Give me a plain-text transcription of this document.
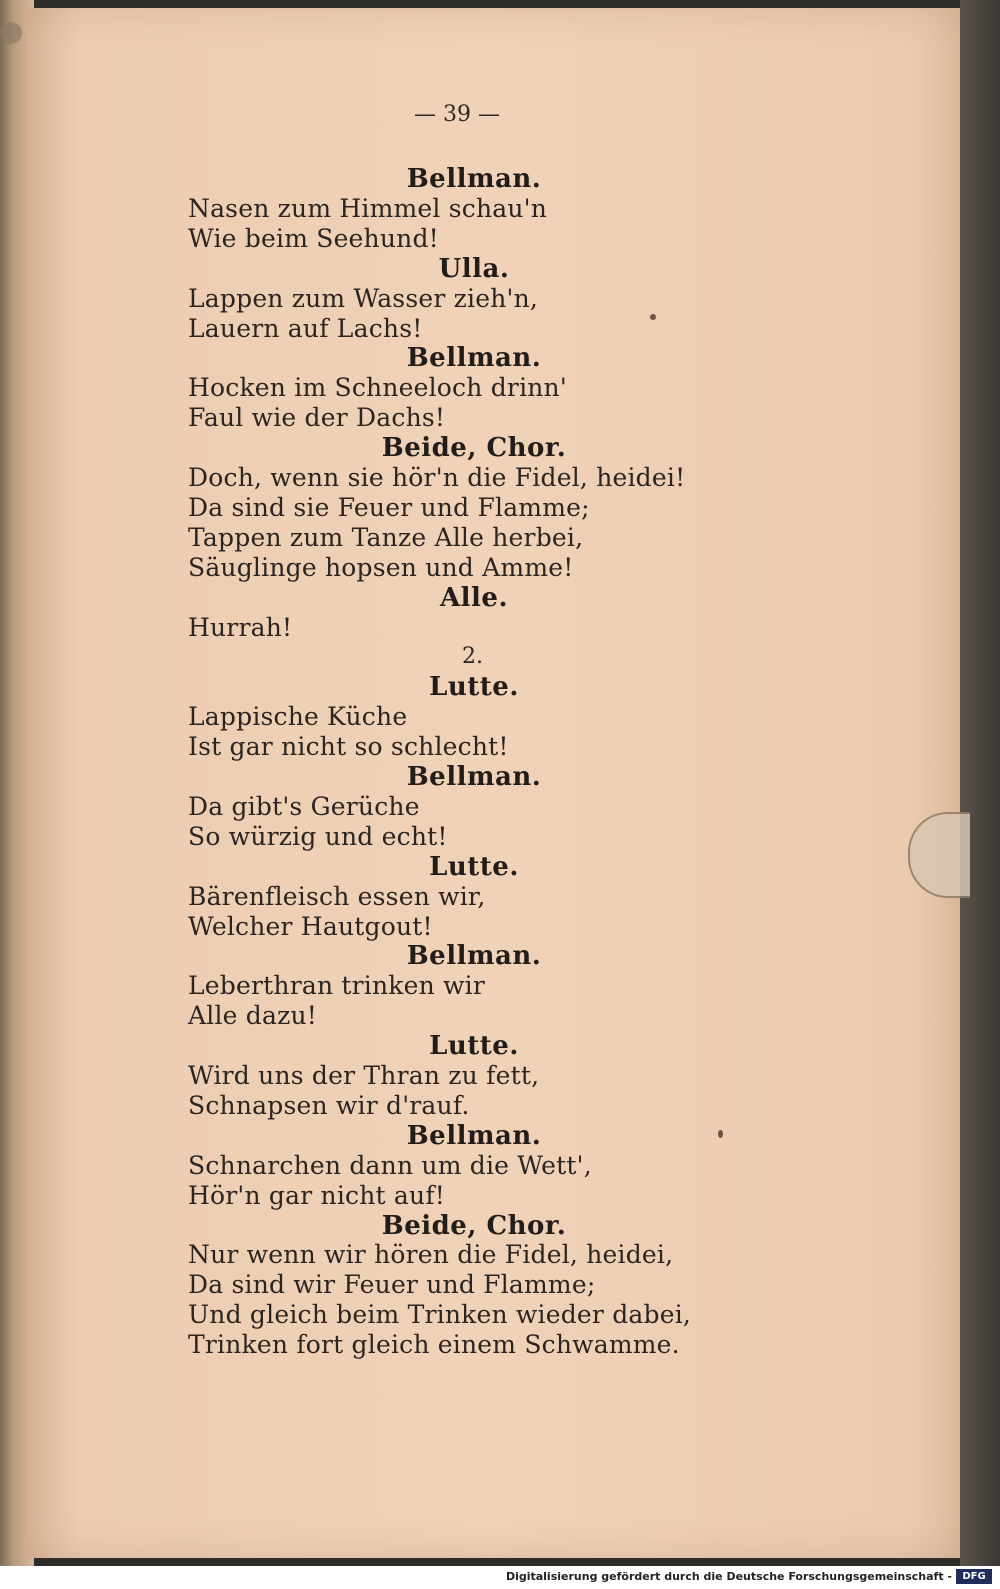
— 39 —
Bellman.
Nasen zum Himmel schau'n
Wie beim Seehund!
Ulla.
Lappen zum Wasser zieh'n,
Lauern auf Lachs!
Bellman.
Hocken im Schneeloch drinn'
Faul wie der Dachs!
Beide, Chor.
Doch, wenn sie hör'n die Fidel, heidei!
Da sind sie Feuer und Flamme;
Tappen zum Tanze Alle herbei,
Säuglinge hopsen und Amme!
Alle.
Hurrah!
2.
Lutte.
Lappische Küche
Ist gar nicht so schlecht!
Bellman.
Da gibt's Gerüche
So würzig und echt!
Lutte.
Bärenfleisch essen wir,
Welcher Hautgout!
Bellman.
Leberthran trinken wir
Alle dazu!
Lutte.
Wird uns der Thran zu fett,
Schnapsen wir d'rauf.
Bellman.
Schnarchen dann um die Wett',
Hör'n gar nicht auf!
Beide, Chor.
Nur wenn wir hören die Fidel, heidei,
Da sind wir Feuer und Flamme;
Und gleich beim Trinken wieder dabei,
Trinken fort gleich einem Schwamme.
Digitalisierung gefördert durch die Deutsche Forschungsgemeinschaft -	DFG
